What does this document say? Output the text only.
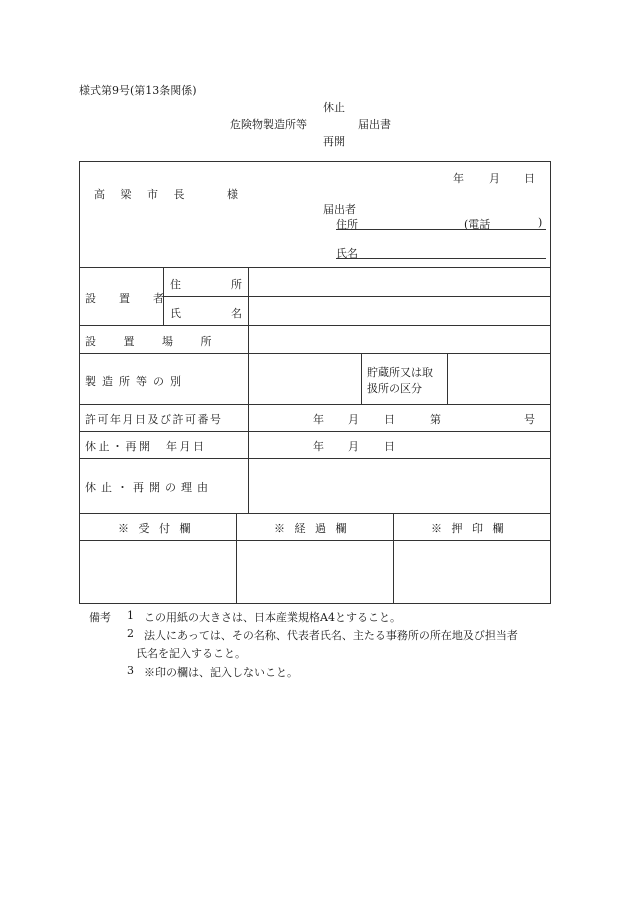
様式第9号(第13条関係)
休止
危険物製造所等	届出書
再開
年 月 日
高 梁 市 長	様
届出者
住所	(電話	)
氏名
設　置　者
住	所
氏	名
設 置 場 所
製造所等の別
貯蔵所又は取
扱所の区分
許可年月日及び許可番号	年 月 日	第	号
休止・再開　年月日	年 月 日
休止・再開の理由
※ 受 付 欄	※ 経 過 欄	※ 押 印 欄
備考 1 この用紙の大きさは、日本産業規格A4とすること。
2 法人にあっては、その名称、代表者氏名、主たる事務所の所在地及び担当者
氏名を記入すること。
3 ※印の欄は、記入しないこと。
